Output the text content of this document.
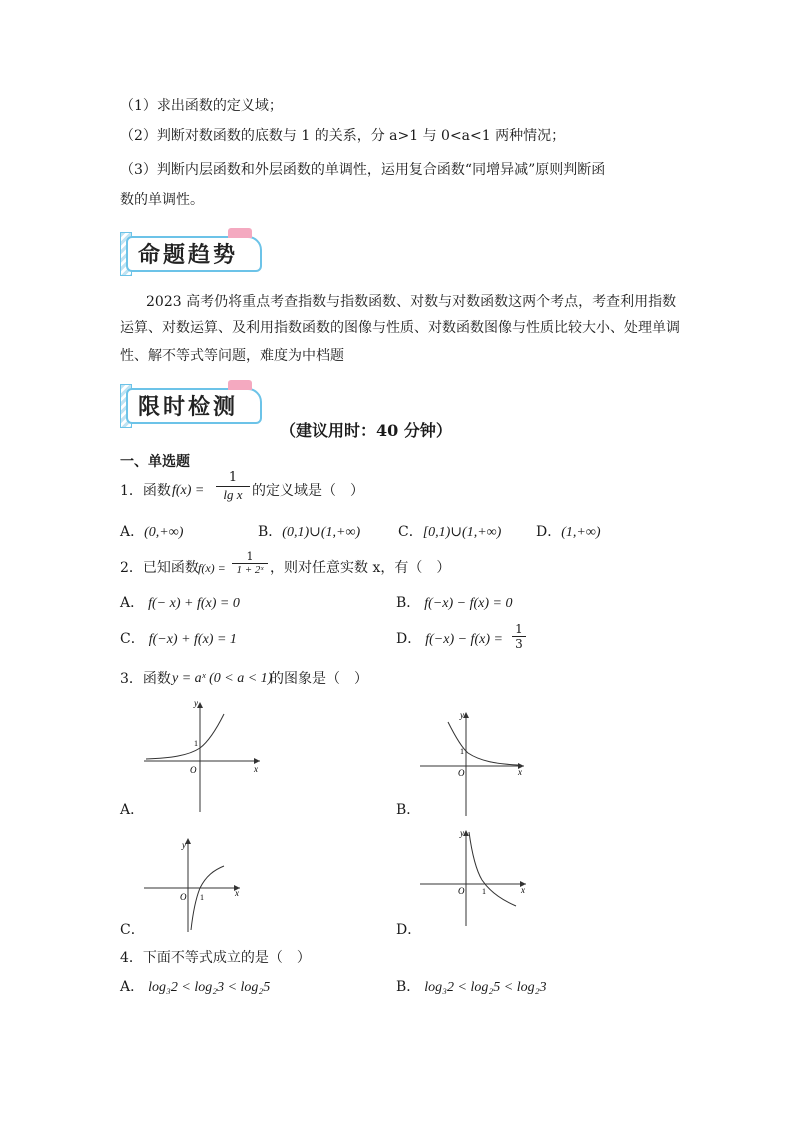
（1）求出函数的定义域；
（2）判断对数函数的底数与 1 的关系，分 a>1 与 0<a<1 两种情况；
（3）判断内层函数和外层函数的单调性，运用复合函数“同增异减”原则判断函
数的单调性。
命题趋势
2023 高考仍将重点考查指数与指数函数、对数与对数函数这两个考点，考查利用指数
运算、对数运算、及利用指数函数的图像与性质、对数函数图像与性质比较大小、处理单调
性、解不等式等问题，难度为中档题
限时检测
（建议用时：40 分钟）
一、单选题
1．函数 $f(x) = \frac{1}{\text{lg x}}$ 的定义域是（　）
A．(0,+∞)	B．(0,1)∪(1,+∞)	C．[0,1)∪(1,+∞) D．(1,+∞)
2．已知函数 $f(x) = \frac{1}{\text{1 + 2ˣ}}$ ，则对任意实数 x，有（　）
A． f(− x) + f(x) = 0	B． f(−x) − f(x) = 0
C． f(−x) + f(x) = 1	D． $f(-x) - f(x) = \frac{1}{3}$
3．函数 y = aˣ (0 < a < 1)
的图象是（　）
y
x
O
1
A．
y
x
O
1
B．
y
x
O 1
C．
y
x
O 1
D．
4．下面不等式成立的是（　）
A． log₃2 < log₂3 < log₂5	B． log₃2 < log₂5 < log₂3
